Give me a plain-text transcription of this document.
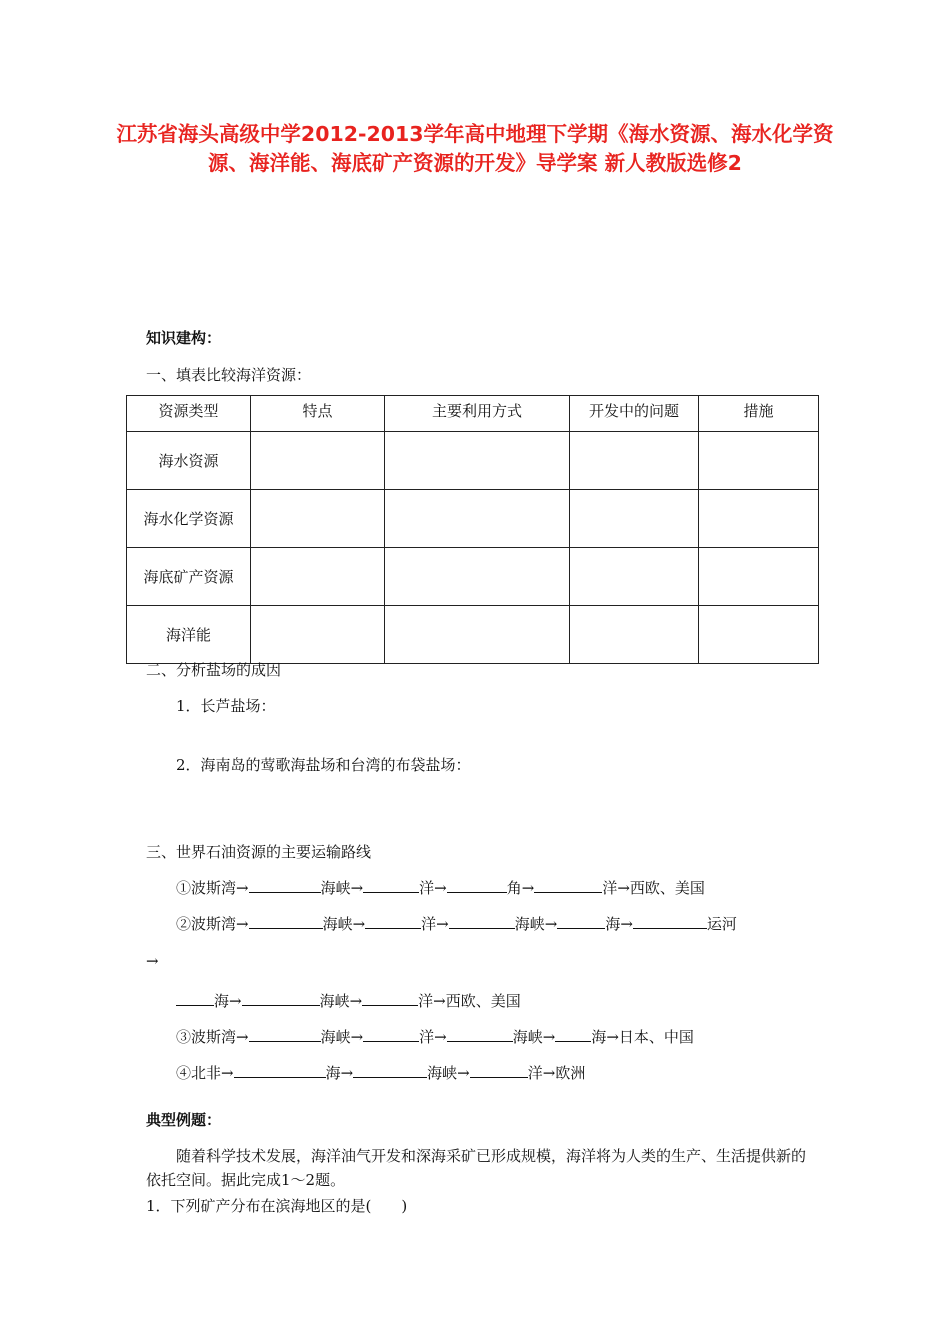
江苏省海头高级中学2012-2013学年高中地理下学期《海水资源、海水化学资源、海洋能、海底矿产资源的开发》导学案 新人教版选修2
知识建构：
一、填表比较海洋资源：
资源类型	特点	主要利用方式	开发中的问题	措施
海水资源				
海水化学资源				
海底矿产资源				
海洋能				
二、分析盐场的成因
1．长芦盐场：
2．海南岛的莺歌海盐场和台湾的布袋盐场：
三、世界石油资源的主要运输路线
①波斯湾→	海峡→	洋→	角→	洋→西欧、美国
②波斯湾→	海峡→	洋→	海峡→	海→	运河
→
海→	海峡→	洋→西欧、美国
③波斯湾→	海峡→	洋→	海峡→ 海→日本、中国
④北非→	海→	海峡→	洋→欧洲
典型例题：
随着科学技术发展，海洋油气开发和深海采矿已形成规模，海洋将为人类的生产、生活提供新的依托空间。据此完成1～2题。
1．下列矿产分布在滨海地区的是(　　)
